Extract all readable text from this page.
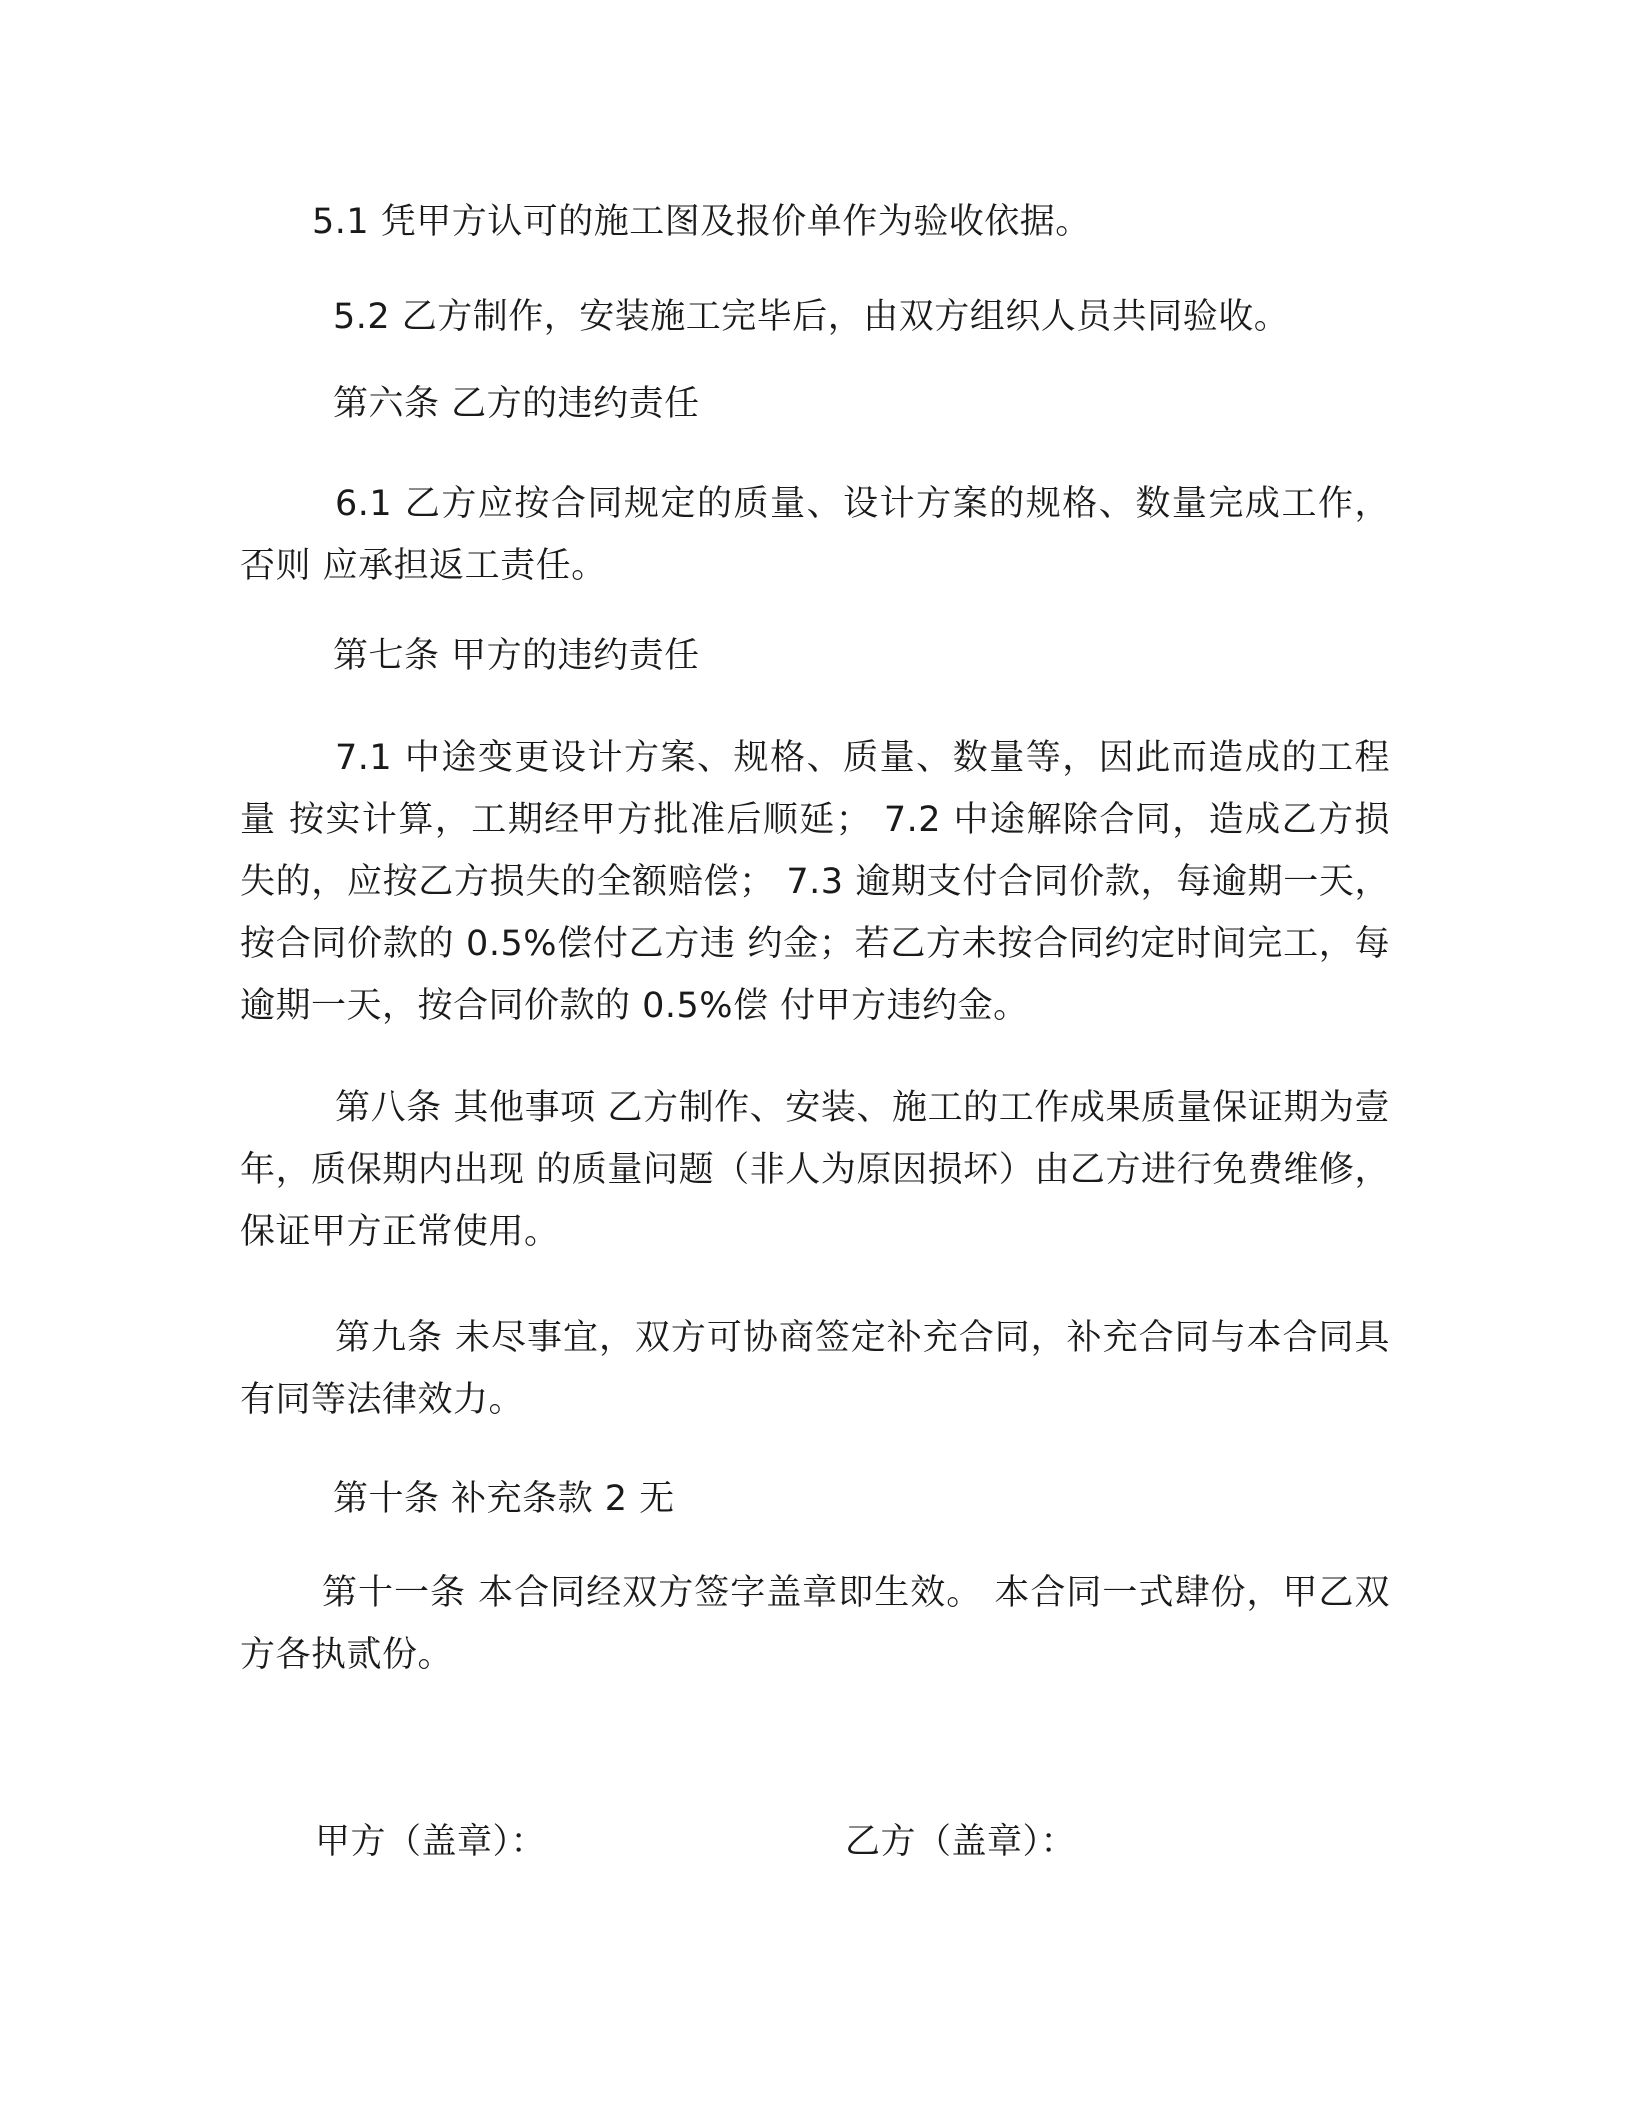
5.1 凭甲方认可的施工图及报价单作为验收依据。
5.2 乙方制作，安装施工完毕后，由双方组织人员共同验收。
第六条 乙方的违约责任
6.1 乙方应按合同规定的质量、设计方案的规格、数量完成工作，否则 应承担返工责任。
第七条 甲方的违约责任
7.1 中途变更设计方案、规格、质量、数量等，因此而造成的工程量 按实计算，工期经甲方批准后顺延； 7.2 中途解除合同，造成乙方损失的，应按乙方损失的全额赔偿； 7.3 逾期支付合同价款，每逾期一天，按合同价款的 0.5%偿付乙方违 约金；若乙方未按合同约定时间完工，每逾期一天，按合同价款的 0.5%偿 付甲方违约金。
第八条 其他事项 乙方制作、安装、施工的工作成果质量保证期为壹年，质保期内出现 的质量问题（非人为原因损坏）由乙方进行免费维修，保证甲方正常使用。
第九条 未尽事宜，双方可协商签定补充合同，补充合同与本合同具 有同等法律效力。
第十条 补充条款 2 无
第十一条 本合同经双方签字盖章即生效。 本合同一式肆份，甲乙双方各执贰份。
甲方（盖章）：	乙方（盖章）：
